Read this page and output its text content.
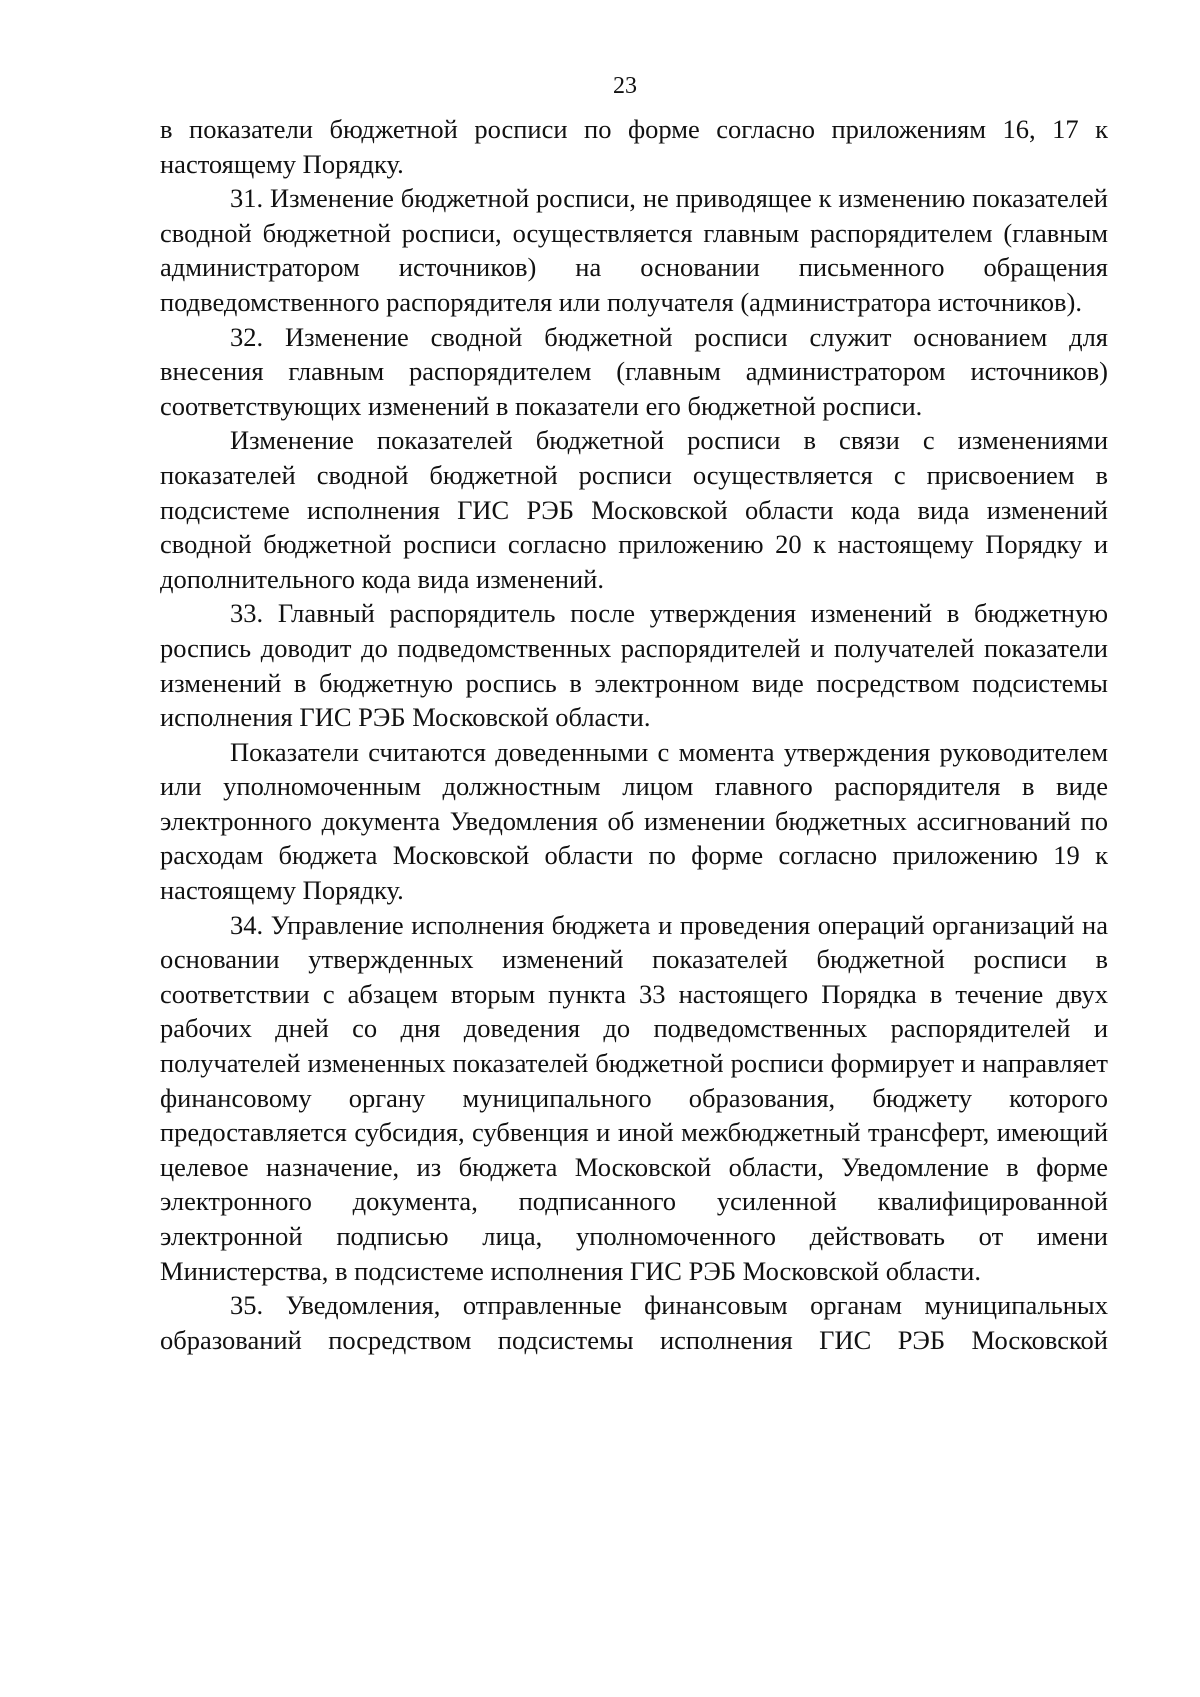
23

в показатели бюджетной росписи по форме согласно приложениям 16, 17 к настоящему Порядку.

31. Изменение бюджетной росписи, не приводящее к изменению показателей сводной бюджетной росписи, осуществляется главным распорядителем (главным администратором источников) на основании письменного обращения подведомственного распорядителя или получателя (администратора источников).

32. Изменение сводной бюджетной росписи служит основанием для внесения главным распорядителем (главным администратором источников) соответствующих изменений в показатели его бюджетной росписи.

Изменение показателей бюджетной росписи в связи с изменениями показателей сводной бюджетной росписи осуществляется с присвоением в подсистеме исполнения ГИС РЭБ Московской области кода вида изменений сводной бюджетной росписи согласно приложению 20 к настоящему Порядку и дополнительного кода вида изменений.

33. Главный распорядитель после утверждения изменений в бюджетную роспись доводит до подведомственных распорядителей и получателей показатели изменений в бюджетную роспись в электронном виде посредством подсистемы исполнения ГИС РЭБ Московской области.

Показатели считаются доведенными с момента утверждения руководителем или уполномоченным должностным лицом главного распорядителя в виде электронного документа Уведомления об изменении бюджетных ассигнований по расходам бюджета Московской области по форме согласно приложению 19 к настоящему Порядку.

34. Управление исполнения бюджета и проведения операций организаций на основании утвержденных изменений показателей бюджетной росписи в соответствии с абзацем вторым пункта 33 настоящего Порядка в течение двух рабочих дней со дня доведения до подведомственных распорядителей и получателей измененных показателей бюджетной росписи формирует и направляет финансовому органу муниципального образования, бюджету которого предоставляется субсидия, субвенция и иной межбюджетный трансферт, имеющий целевое назначение, из бюджета Московской области, Уведомление в форме электронного документа, подписанного усиленной квалифицированной электронной подписью лица, уполномоченного действовать от имени Министерства, в подсистеме исполнения ГИС РЭБ Московской области.

35. Уведомления, отправленные финансовым органам муниципальных образований посредством подсистемы исполнения ГИС РЭБ Московской
